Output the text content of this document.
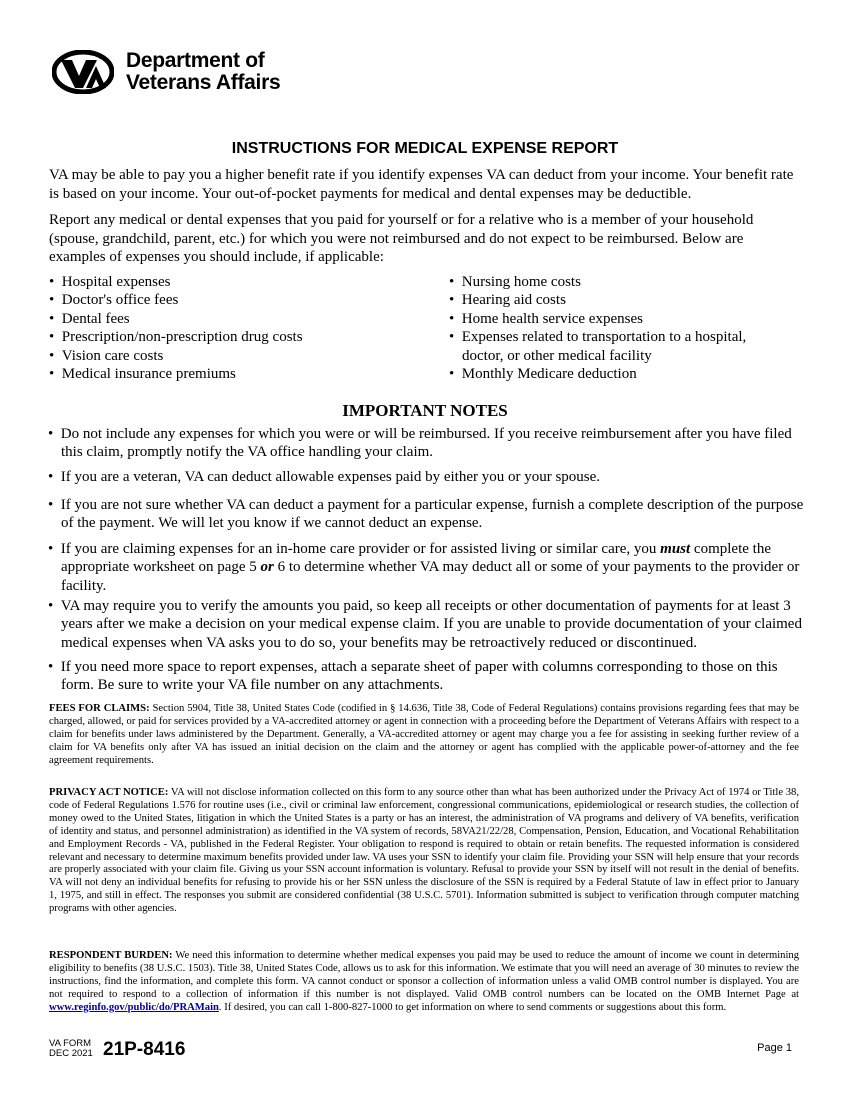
Department of
Veterans Affairs
INSTRUCTIONS FOR MEDICAL EXPENSE REPORT
VA may be able to pay you a higher benefit rate if you identify expenses VA can deduct from your income. Your benefit rate is based on your income. Your out-of-pocket payments for medical and dental expenses may be deductible.
Report any medical or dental expenses that you paid for yourself or for a relative who is a member of your household (spouse, grandchild, parent, etc.) for which you were not reimbursed and do not expect to be reimbursed. Below are examples of expenses you should include, if applicable:
•  Hospital expenses
•  Doctor's office fees
•  Dental fees
•  Prescription/non-prescription drug costs
•  Vision care costs
•  Medical insurance premiums
•  Nursing home costs
•  Hearing aid costs
•  Home health service expenses
•  Expenses related to transportation to a hospital, doctor, or other medical facility
•  Monthly Medicare deduction
IMPORTANT NOTES
•  Do not include any expenses for which you were or will be reimbursed. If you receive reimbursement after you have filed this claim, promptly notify the VA office handling your claim.
•  If you are a veteran, VA can deduct allowable expenses paid by either you or your spouse.
•  If you are not sure whether VA can deduct a payment for a particular expense, furnish a complete description of the purpose of the payment. We will let you know if we cannot deduct an expense.
•  If you are claiming expenses for an in-home care provider or for assisted living or similar care, you must complete the appropriate worksheet on page 5 or 6 to determine whether VA may deduct all or some of your payments to the provider or facility.
•  VA may require you to verify the amounts you paid, so keep all receipts or other documentation of payments for at least 3 years after we make a decision on your medical expense claim. If you are unable to provide documentation of your claimed medical expenses when VA asks you to do so, your benefits may be retroactively reduced or discontinued.
•  If you need more space to report expenses, attach a separate sheet of paper with columns corresponding to those on this form. Be sure to write your VA file number on any attachments.
FEES FOR CLAIMS: Section 5904, Title 38, United States Code (codified in § 14.636, Title 38, Code of Federal Regulations) contains provisions regarding fees that may be charged, allowed, or paid for services provided by a VA-accredited attorney or agent in connection with a proceeding before the Department of Veterans Affairs with respect to a claim for benefits under laws administered by the Department. Generally, a VA-accredited attorney or agent may charge you a fee for assisting in seeking further review of a claim for VA benefits only after VA has issued an initial decision on the claim and the attorney or agent has complied with the applicable power-of-attorney and the fee agreement requirements.
PRIVACY ACT NOTICE: VA will not disclose information collected on this form to any source other than what has been authorized under the Privacy Act of 1974 or Title 38, code of Federal Regulations 1.576 for routine uses (i.e., civil or criminal law enforcement, congressional communications, epidemiological or research studies, the collection of money owed to the United States, litigation in which the United States is a party or has an interest, the administration of VA programs and delivery of VA benefits, verification of identity and status, and personnel administration) as identified in the VA system of records, 58VA21/22/28, Compensation, Pension, Education, and Vocational Rehabilitation and Employment Records - VA, published in the Federal Register. Your obligation to respond is required to obtain or retain benefits. The requested information is considered relevant and necessary to determine maximum benefits provided under law. VA uses your SSN to identify your claim file. Providing your SSN will help ensure that your records are properly associated with your claim file. Giving us your SSN account information is voluntary. Refusal to provide your SSN by itself will not result in the denial of benefits. VA will not deny an individual benefits for refusing to provide his or her SSN unless the disclosure of the SSN is required by a Federal Statute of law in effect prior to January 1, 1975, and still in effect. The responses you submit are considered confidential (38 U.S.C. 5701). Information submitted is subject to verification through computer matching programs with other agencies.
RESPONDENT BURDEN: We need this information to determine whether medical expenses you paid may be used to reduce the amount of income we count in determining eligibility to benefits (38 U.S.C. 1503). Title 38, United States Code, allows us to ask for this information. We estimate that you will need an average of 30 minutes to review the instructions, find the information, and complete this form. VA cannot conduct or sponsor a collection of information unless a valid OMB control number is displayed. You are not required to respond to a collection of information if this number is not displayed. Valid OMB control numbers can be located on the OMB Internet Page at www.reginfo.gov/public/do/PRAMain. If desired, you can call 1-800-827-1000 to get information on where to send comments or suggestions about this form.
VA FORM
DEC 2021 21P-8416	Page 1
